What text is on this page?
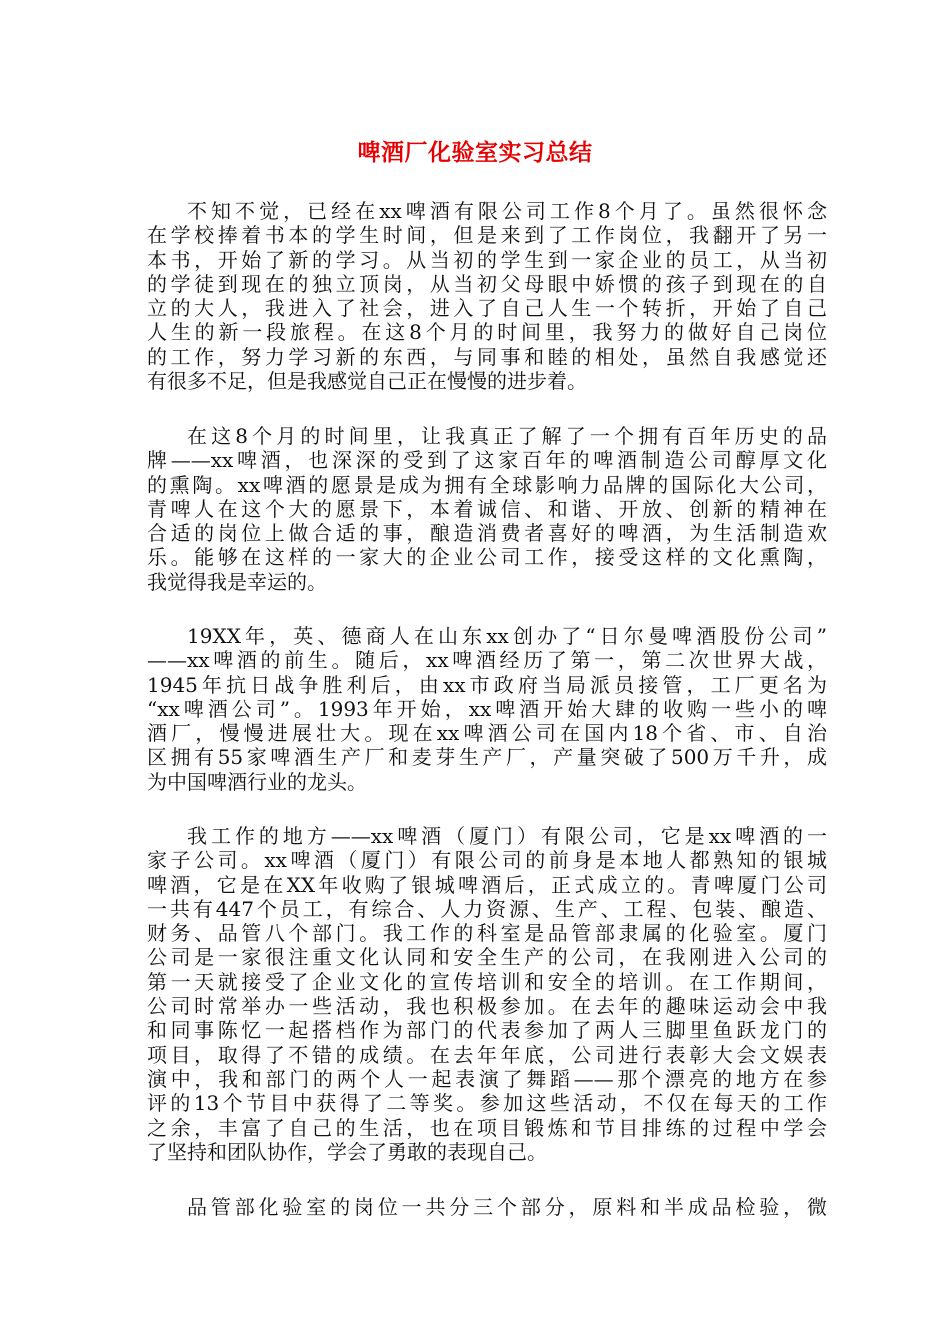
啤酒厂化验室实习总结
不知不觉，已经在xx啤酒有限公司工作8个月了。虽然很怀念
在学校捧着书本的学生时间，但是来到了工作岗位，我翻开了另一
本书，开始了新的学习。从当初的学生到一家企业的员工，从当初
的学徒到现在的独立顶岗，从当初父母眼中娇惯的孩子到现在的自
立的大人，我进入了社会，进入了自己人生一个转折，开始了自己
人生的新一段旅程。在这8个月的时间里，我努力的做好自己岗位
的工作，努力学习新的东西，与同事和睦的相处，虽然自我感觉还
有很多不足，但是我感觉自己正在慢慢的进步着。
在这8个月的时间里，让我真正了解了一个拥有百年历史的品
牌——xx啤酒，也深深的受到了这家百年的啤酒制造公司醇厚文化
的熏陶。xx啤酒的愿景是成为拥有全球影响力品牌的国际化大公司，
青啤人在这个大的愿景下，本着诚信、和谐、开放、创新的精神在
合适的岗位上做合适的事，酿造消费者喜好的啤酒，为生活制造欢
乐。能够在这样的一家大的企业公司工作，接受这样的文化熏陶，
我觉得我是幸运的。
19XX年，英、德商人在山东xx创办了“日尔曼啤酒股份公司”
——xx啤酒的前生。随后，xx啤酒经历了第一，第二次世界大战，
1945年抗日战争胜利后，由xx市政府当局派员接管，工厂更名为
“xx啤酒公司”。1993年开始，xx啤酒开始大肆的收购一些小的啤
酒厂，慢慢进展壮大。现在xx啤酒公司在国内18个省、市、自治
区拥有55家啤酒生产厂和麦芽生产厂，产量突破了500万千升，成
为中国啤酒行业的龙头。
我工作的地方——xx啤酒（厦门）有限公司，它是xx啤酒的一
家子公司。xx啤酒（厦门）有限公司的前身是本地人都熟知的银城
啤酒，它是在XX年收购了银城啤酒后，正式成立的。青啤厦门公司
一共有447个员工，有综合、人力资源、生产、工程、包装、酿造、
财务、品管八个部门。我工作的科室是品管部隶属的化验室。厦门
公司是一家很注重文化认同和安全生产的公司，在我刚进入公司的
第一天就接受了企业文化的宣传培训和安全的培训。在工作期间，
公司时常举办一些活动，我也积极参加。在去年的趣味运动会中我
和同事陈忆一起搭档作为部门的代表参加了两人三脚里鱼跃龙门的
项目，取得了不错的成绩。在去年年底，公司进行表彰大会文娱表
演中，我和部门的两个人一起表演了舞蹈——那个漂亮的地方在参
评的13个节目中获得了二等奖。参加这些活动，不仅在每天的工作
之余，丰富了自己的生活，也在项目锻炼和节目排练的过程中学会
了坚持和团队协作，学会了勇敢的表现自己。
品管部化验室的岗位一共分三个部分，原料和半成品检验，微
